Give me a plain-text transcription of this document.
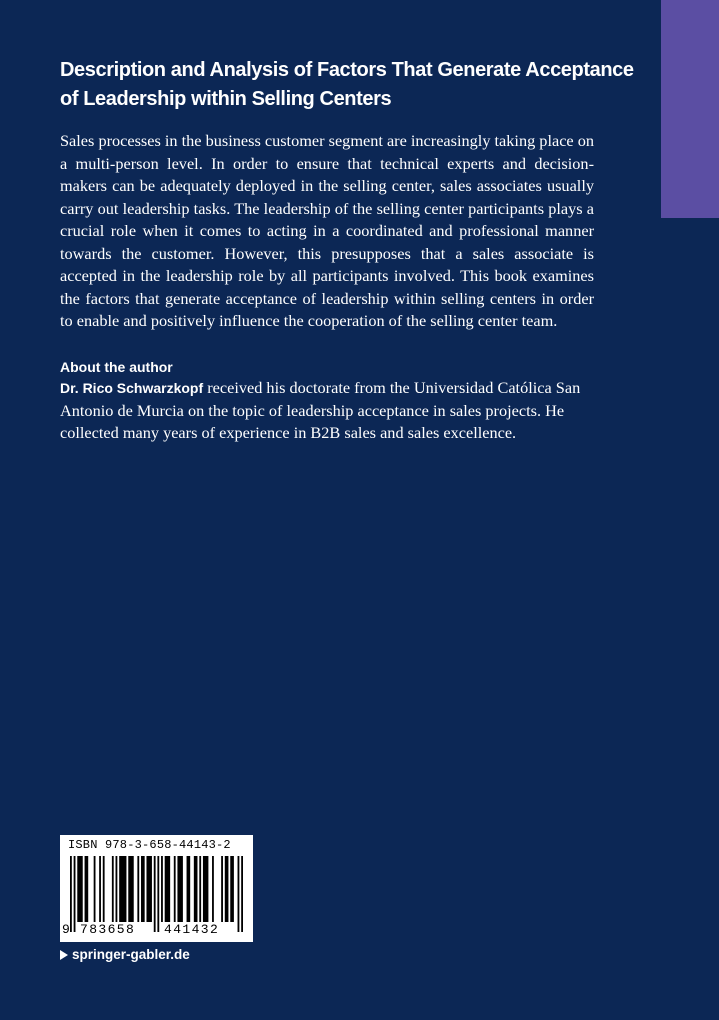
Description and Analysis of Factors That Generate Acceptance
of Leadership within Selling Centers

Sales processes in the business customer segment are increasingly taking place on a multi-person level. In order to ensure that technical experts and decision-makers can be adequately deployed in the selling center, sales associates usually carry out leadership tasks. The leadership of the selling center participants plays a crucial role when it comes to acting in a coordinated and professional manner towards the customer. However, this presupposes that a sales associate is accepted in the leadership role by all participants involved. This book examines the factors that generate acceptance of leadership within selling centers in order to enable and positively influence the cooperation of the selling center team.

About the author

Dr. Rico Schwarzkopf received his doctorate from the Universidad Católica San Antonio de Murcia on the topic of leadership acceptance in sales projects. He collected many years of experience in B2B sales and sales excellence.

ISBN 978-3-658-44143-2
9 783658 441432
springer-gabler.de
